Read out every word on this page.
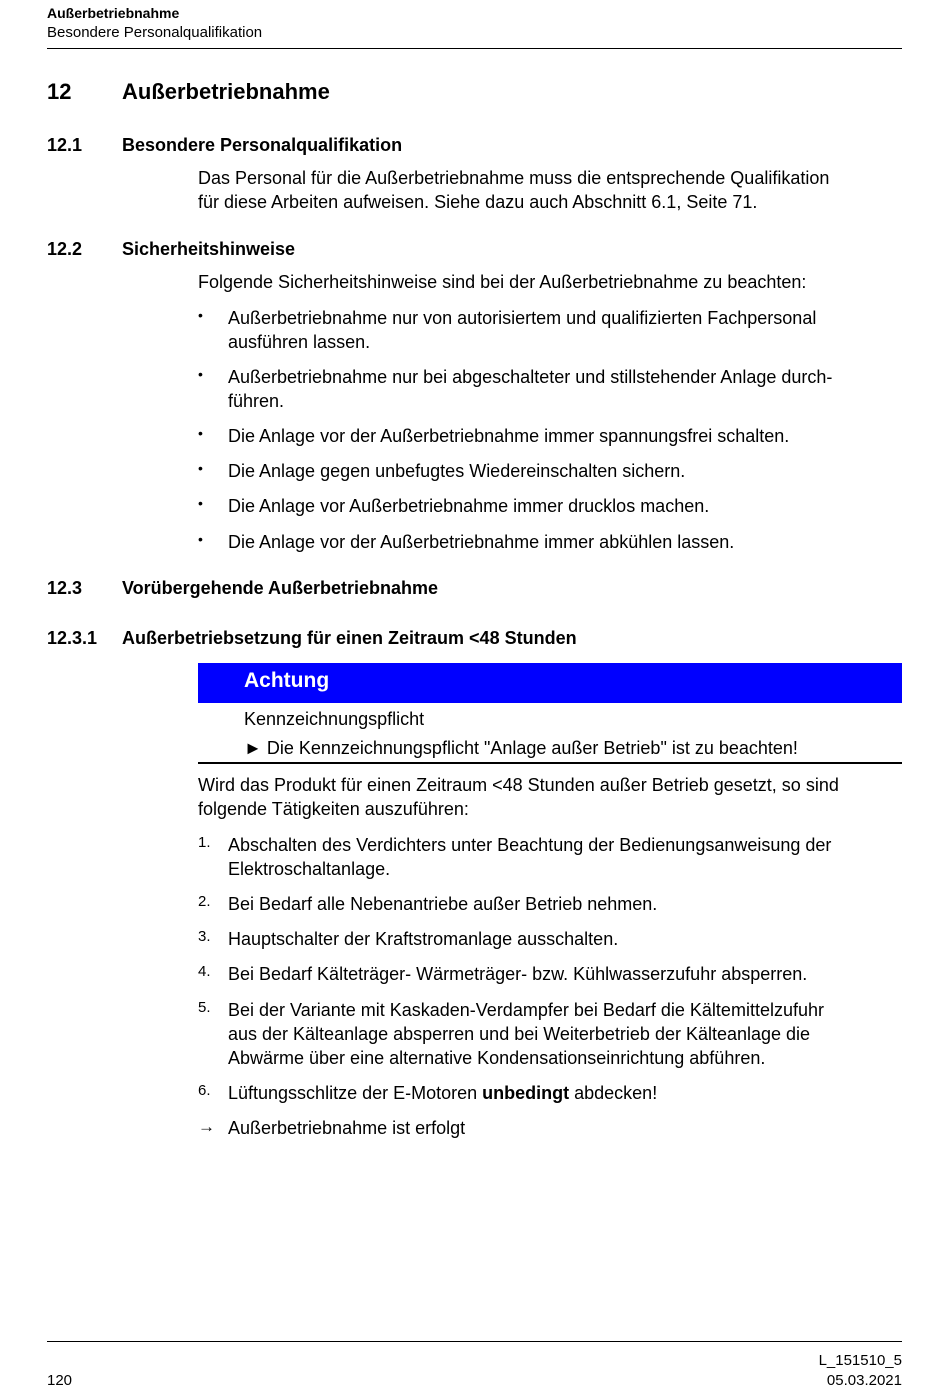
Außerbetriebnahme
Besondere Personalqualifikation
12 Außerbetriebnahme
12.1 Besondere Personalqualifikation
Das Personal für die Außerbetriebnahme muss die entsprechende Qualifikation
für diese Arbeiten aufweisen. Siehe dazu auch Abschnitt 6.1, Seite 71.
12.2 Sicherheitshinweise
Folgende Sicherheitshinweise sind bei der Außerbetriebnahme zu beachten:
•	Außerbetriebnahme nur von autorisiertem und qualifizierten Fachpersonal
ausführen lassen.
•	Außerbetriebnahme nur bei abgeschalteter und stillstehender Anlage durch-
führen.
•	Die Anlage vor der Außerbetriebnahme immer spannungsfrei schalten.
•	Die Anlage gegen unbefugtes Wiedereinschalten sichern.
•	Die Anlage vor Außerbetriebnahme immer drucklos machen.
•	Die Anlage vor der Außerbetriebnahme immer abkühlen lassen.
12.3 Vorübergehende Außerbetriebnahme
12.3.1 Außerbetriebsetzung für einen Zeitraum <48 Stunden
Achtung
Kennzeichnungspflicht
► Die Kennzeichnungspflicht "Anlage außer Betrieb" ist zu beachten!
Wird das Produkt für einen Zeitraum <48 Stunden außer Betrieb gesetzt, so sind
folgende Tätigkeiten auszuführen:
1. Abschalten des Verdichters unter Beachtung der Bedienungsanweisung der
Elektroschaltanlage.
2. Bei Bedarf alle Nebenantriebe außer Betrieb nehmen.
3. Hauptschalter der Kraftstromanlage ausschalten.
4. Bei Bedarf Kälteträger- Wärmeträger- bzw. Kühlwasserzufuhr absperren.
5. Bei der Variante mit Kaskaden-Verdampfer bei Bedarf die Kältemittelzufuhr
aus der Kälteanlage absperren und bei Weiterbetrieb der Kälteanlage die
Abwärme über eine alternative Kondensationseinrichtung abführen.
6. Lüftungsschlitze der E-Motoren unbedingt abdecken!
→ Außerbetriebnahme ist erfolgt
120
L_151510_5
05.03.2021
